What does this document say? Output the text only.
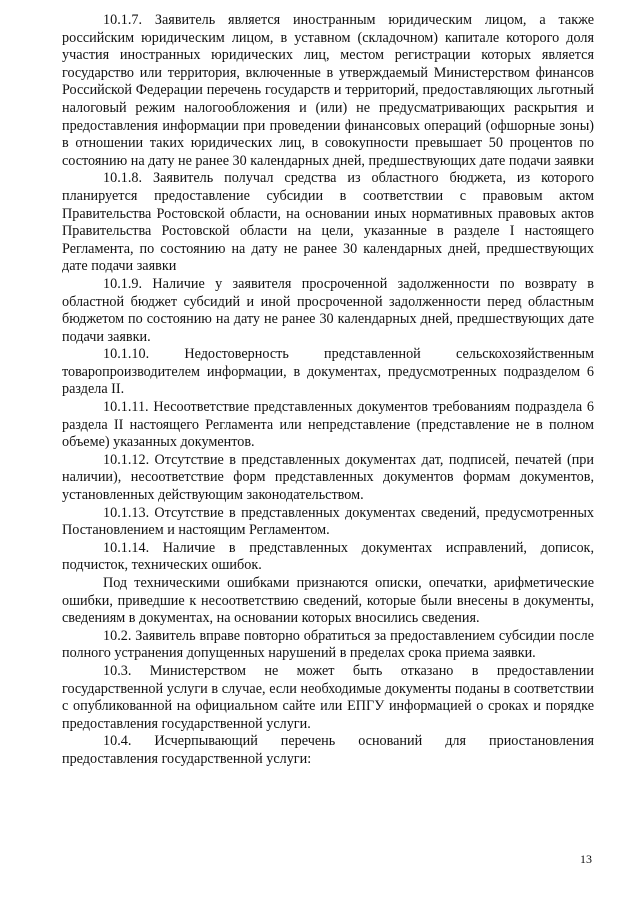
10.1.7. Заявитель является иностранным юридическим лицом, а также российским юридическим лицом, в уставном (складочном) капитале которого доля участия иностранных юридических лиц, местом регистрации которых является государство или территория, включенные в утверждаемый Министерством финансов Российской Федерации перечень государств и территорий, предоставляющих льготный налоговый режим налогообложения и (или) не предусматривающих раскрытия и предоставления информации при проведении финансовых операций (офшорные зоны) в отношении таких юридических лиц, в совокупности превышает 50 процентов по состоянию на дату не ранее 30 календарных дней, предшествующих дате подачи заявки

10.1.8. Заявитель получал средства из областного бюджета, из которого планируется предоставление субсидии в соответствии с правовым актом Правительства Ростовской области, на основании иных нормативных правовых актов Правительства Ростовской области на цели, указанные в разделе I настоящего Регламента, по состоянию на дату не ранее 30 календарных дней, предшествующих дате подачи заявки

10.1.9. Наличие у заявителя просроченной задолженности по возврату в областной бюджет субсидий и иной просроченной задолженности перед областным бюджетом по состоянию на дату не ранее 30 календарных дней, предшествующих дате подачи заявки.

10.1.10. Недостоверность представленной сельскохозяйственным товаропроизводителем информации, в документах, предусмотренных подразделом 6 раздела II.

10.1.11. Несоответствие представленных документов требованиям подраздела 6 раздела II настоящего Регламента или непредставление (представление не в полном объеме) указанных документов.

10.1.12. Отсутствие в представленных документах дат, подписей, печатей (при наличии), несоответствие форм представленных документов формам документов, установленных действующим законодательством.

10.1.13. Отсутствие в представленных документах сведений, предусмотренных Постановлением и настоящим Регламентом.

10.1.14. Наличие в представленных документах исправлений, дописок, подчисток, технических ошибок.

Под техническими ошибками признаются описки, опечатки, арифметические ошибки, приведшие к несоответствию сведений, которые были внесены в документы, сведениям в документах, на основании которых вносились сведения.

10.2. Заявитель вправе повторно обратиться за предоставлением субсидии после полного устранения допущенных нарушений в пределах срока приема заявки.

10.3. Министерством не может быть отказано в предоставлении государственной услуги в случае, если необходимые документы поданы в соответствии с опубликованной на официальном сайте или ЕПГУ информацией о сроках и порядке предоставления государственной услуги.

10.4. Исчерпывающий перечень оснований для приостановления предоставления государственной услуги:

13
